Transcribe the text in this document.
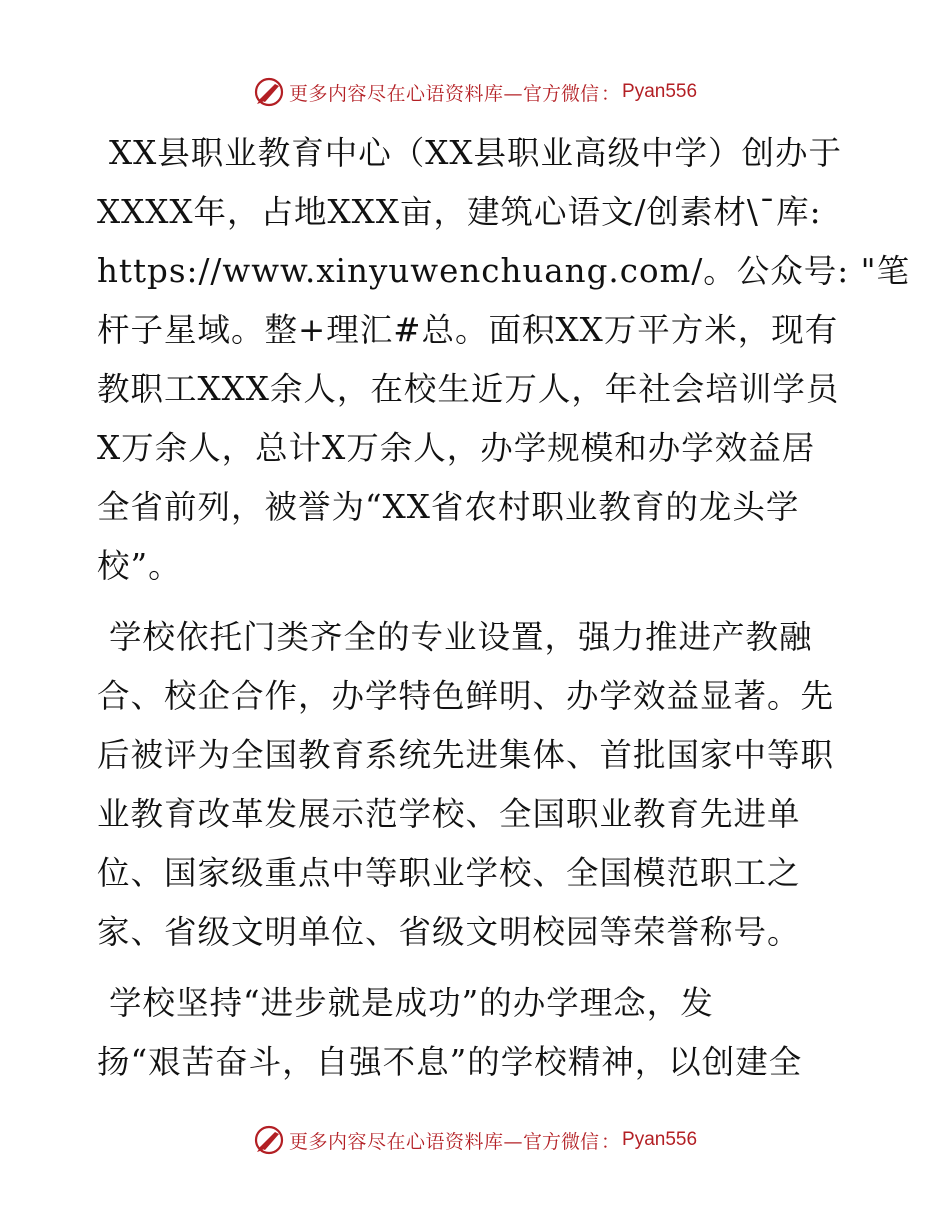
更多内容尽在心语资料库— 官方微信 ： Pyan556
XX县职业教育中心（XX县职业高级中学）创办于
XXXX年，占地XXX亩，建筑心语文/创素材\¯库:
https://www.xinyuwenchuang.com/。公众号: "笔
杆子星域。整+理汇#总。面积XX万平方米，现有
教职工XXX余人，在校生近万人，年社会培训学员
X万余人，总计X万余人，办学规模和办学效益居
全省前列，被誉为“XX省农村职业教育的龙头学
校”。
学校依托门类齐全的专业设置，强力推进产教融
合、校企合作，办学特色鲜明、办学效益显著。先
后被评为全国教育系统先进集体、首批国家中等职
业教育改革发展示范学校、全国职业教育先进单
位、国家级重点中等职业学校、全国模范职工之
家、省级文明单位、省级文明校园等荣誉称号。
学校坚持“进步就是成功”的办学理念，发
扬“艰苦奋斗，自强不息”的学校精神，以创建全
更多内容尽在心语资料库— 官方微信 ： Pyan556
